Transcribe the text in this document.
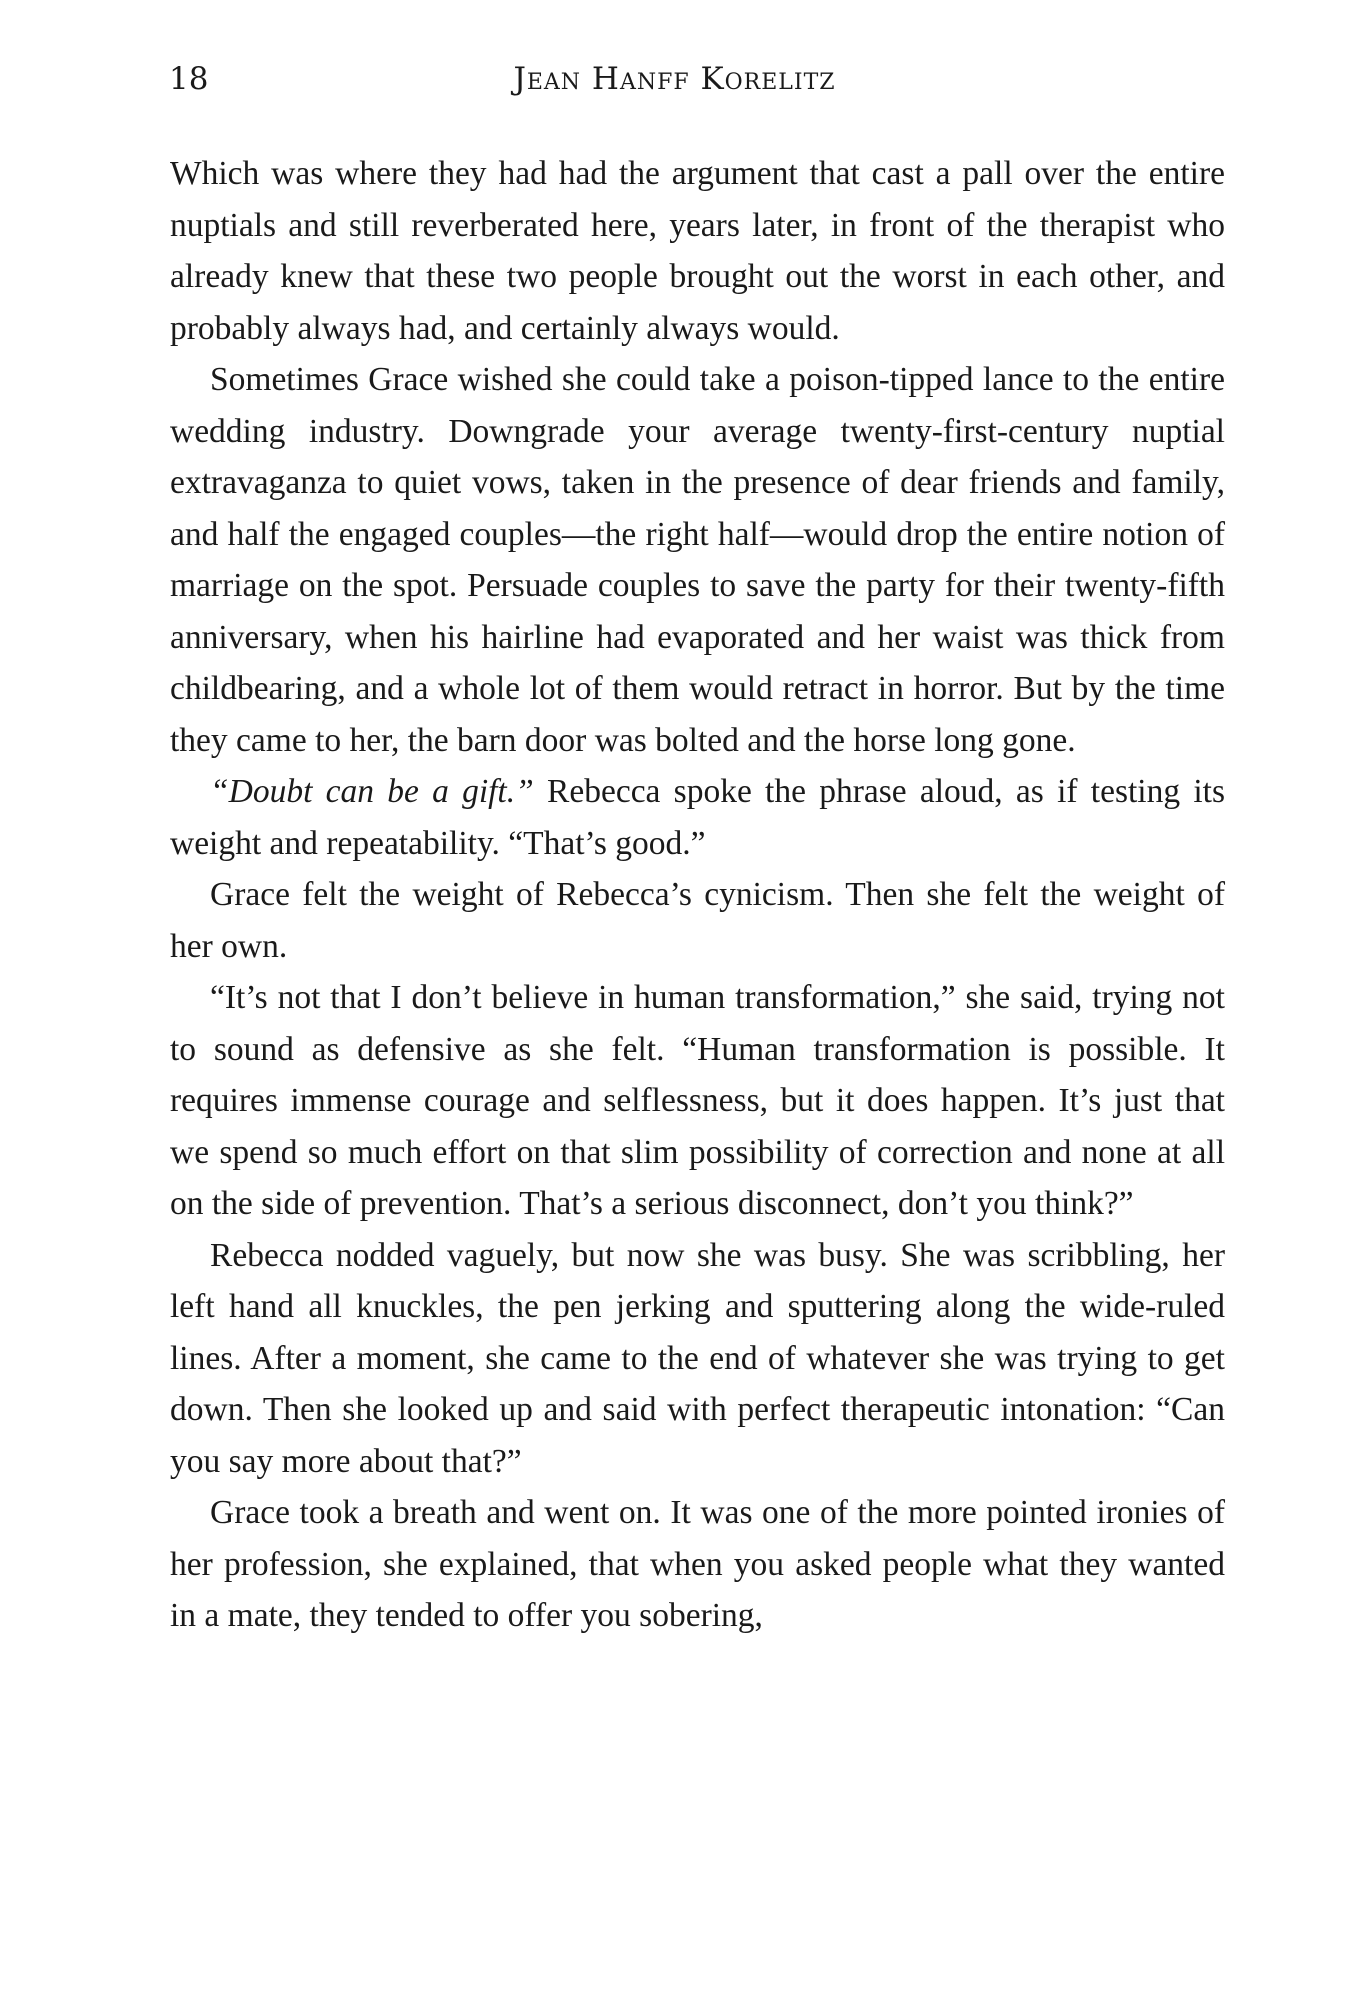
18	Jean Hanff Korelitz

Which was where they had had the argument that cast a pall over the entire nuptials and still reverberated here, years later, in front of the therapist who already knew that these two people brought out the worst in each other, and probably always had, and certainly always would.

Sometimes Grace wished she could take a poison-tipped lance to the entire wedding industry. Downgrade your average twenty-first-century nuptial extravaganza to quiet vows, taken in the presence of dear friends and family, and half the engaged couples—the right half—would drop the entire notion of marriage on the spot. Persuade couples to save the party for their twenty-fifth anniversary, when his hairline had evaporated and her waist was thick from childbearing, and a whole lot of them would retract in horror. But by the time they came to her, the barn door was bolted and the horse long gone.

“Doubt can be a gift.” Rebecca spoke the phrase aloud, as if testing its weight and repeatability. “That’s good.”

Grace felt the weight of Rebecca’s cynicism. Then she felt the weight of her own.

“It’s not that I don’t believe in human transformation,” she said, trying not to sound as defensive as she felt. “Human transformation is possible. It requires immense courage and selflessness, but it does happen. It’s just that we spend so much effort on that slim possibility of correction and none at all on the side of prevention. That’s a serious disconnect, don’t you think?”

Rebecca nodded vaguely, but now she was busy. She was scribbling, her left hand all knuckles, the pen jerking and sputtering along the wide-ruled lines. After a moment, she came to the end of whatever she was trying to get down. Then she looked up and said with perfect therapeutic intonation: “Can you say more about that?”

Grace took a breath and went on. It was one of the more pointed ironies of her profession, she explained, that when you asked people what they wanted in a mate, they tended to offer you sobering,
